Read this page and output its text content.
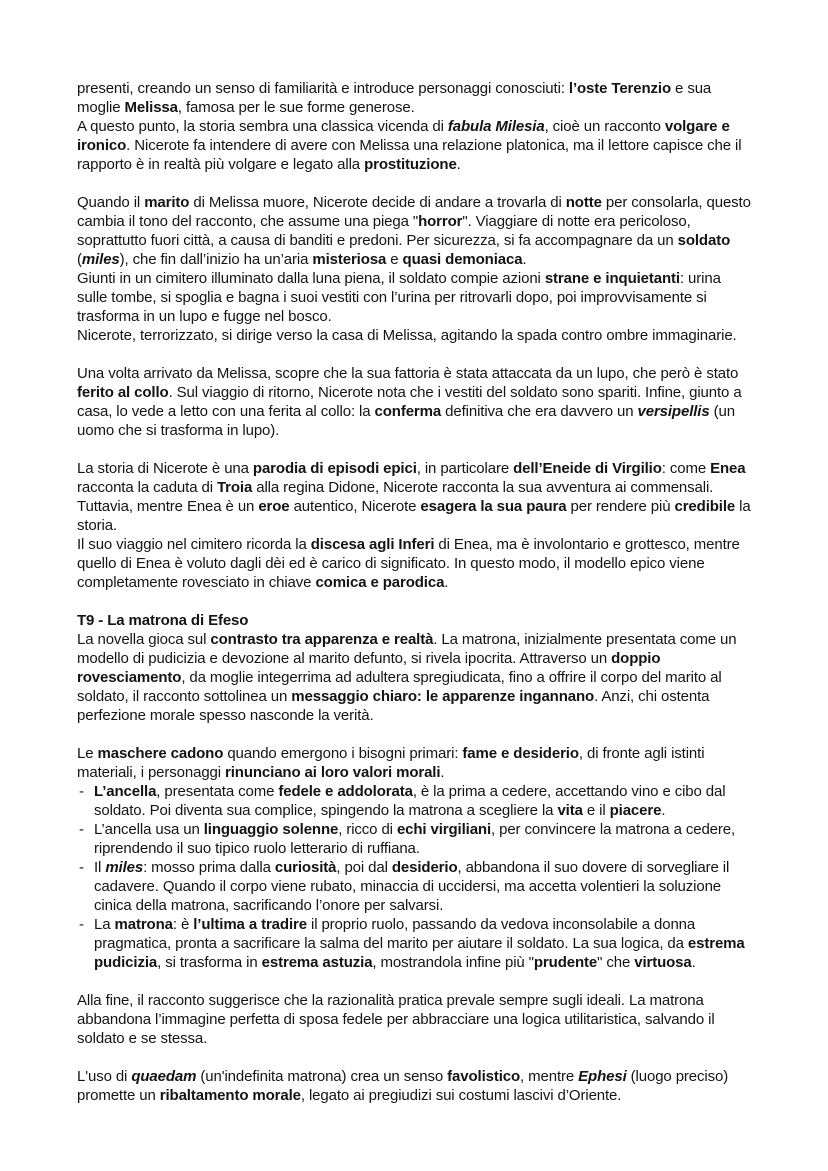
presenti, creando un senso di familiarità e introduce personaggi conosciuti: l’oste Terenzio e sua moglie Melissa, famosa per le sue forme generose.
A questo punto, la storia sembra una classica vicenda di fabula Milesia, cioè un racconto volgare e ironico. Nicerote fa intendere di avere con Melissa una relazione platonica, ma il lettore capisce che il rapporto è in realtà più volgare e legato alla prostituzione.
Quando il marito di Melissa muore, Nicerote decide di andare a trovarla di notte per consolarla, questo cambia il tono del racconto, che assume una piega "horror". Viaggiare di notte era pericoloso, soprattutto fuori città, a causa di banditi e predoni. Per sicurezza, si fa accompagnare da un soldato (miles), che fin dall’inizio ha un’aria misteriosa e quasi demoniaca.
Giunti in un cimitero illuminato dalla luna piena, il soldato compie azioni strane e inquietanti: urina sulle tombe, si spoglia e bagna i suoi vestiti con l’urina per ritrovarli dopo, poi improvvisamente si trasforma in un lupo e fugge nel bosco.
Nicerote, terrorizzato, si dirige verso la casa di Melissa, agitando la spada contro ombre immaginarie.
Una volta arrivato da Melissa, scopre che la sua fattoria è stata attaccata da un lupo, che però è stato ferito al collo. Sul viaggio di ritorno, Nicerote nota che i vestiti del soldato sono spariti. Infine, giunto a casa, lo vede a letto con una ferita al collo: la conferma definitiva che era davvero un versipellis (un uomo che si trasforma in lupo).
La storia di Nicerote è una parodia di episodi epici, in particolare dell’Eneide di Virgilio: come Enea racconta la caduta di Troia alla regina Didone, Nicerote racconta la sua avventura ai commensali. Tuttavia, mentre Enea è un eroe autentico, Nicerote esagera la sua paura per rendere più credibile la storia.
Il suo viaggio nel cimitero ricorda la discesa agli Inferi di Enea, ma è involontario e grottesco, mentre quello di Enea è voluto dagli dèi ed è carico di significato. In questo modo, il modello epico viene completamente rovesciato in chiave comica e parodica.
T9 - La matrona di Efeso
La novella gioca sul contrasto tra apparenza e realtà. La matrona, inizialmente presentata come un modello di pudicizia e devozione al marito defunto, si rivela ipocrita. Attraverso un doppio rovesciamento, da moglie integerrima ad adultera spregiudicata, fino a offrire il corpo del marito al soldato, il racconto sottolinea un messaggio chiaro: le apparenze ingannano. Anzi, chi ostenta perfezione morale spesso nasconde la verità.
Le maschere cadono quando emergono i bisogni primari: fame e desiderio, di fronte agli istinti materiali, i personaggi rinunciano ai loro valori morali.
- L’ancella, presentata come fedele e addolorata, è la prima a cedere, accettando vino e cibo dal soldato. Poi diventa sua complice, spingendo la matrona a scegliere la vita e il piacere.
- L’ancella usa un linguaggio solenne, ricco di echi virgiliani, per convincere la matrona a cedere, riprendendo il suo tipico ruolo letterario di ruffiana.
- Il miles: mosso prima dalla curiosità, poi dal desiderio, abbandona il suo dovere di sorvegliare il cadavere. Quando il corpo viene rubato, minaccia di uccidersi, ma accetta volentieri la soluzione cinica della matrona, sacrificando l’onore per salvarsi.
- La matrona: è l’ultima a tradire il proprio ruolo, passando da vedova inconsolabile a donna pragmatica, pronta a sacrificare la salma del marito per aiutare il soldato. La sua logica, da estrema pudicizia, si trasforma in estrema astuzia, mostrandola infine più "prudente" che virtuosa.
Alla fine, il racconto suggerisce che la razionalità pratica prevale sempre sugli ideali. La matrona abbandona l’immagine perfetta di sposa fedele per abbracciare una logica utilitaristica, salvando il soldato e se stessa.
L'uso di quaedam (un'indefinita matrona) crea un senso favolistico, mentre Ephesi (luogo preciso) promette un ribaltamento morale, legato ai pregiudizi sui costumi lascivi d’Oriente.
